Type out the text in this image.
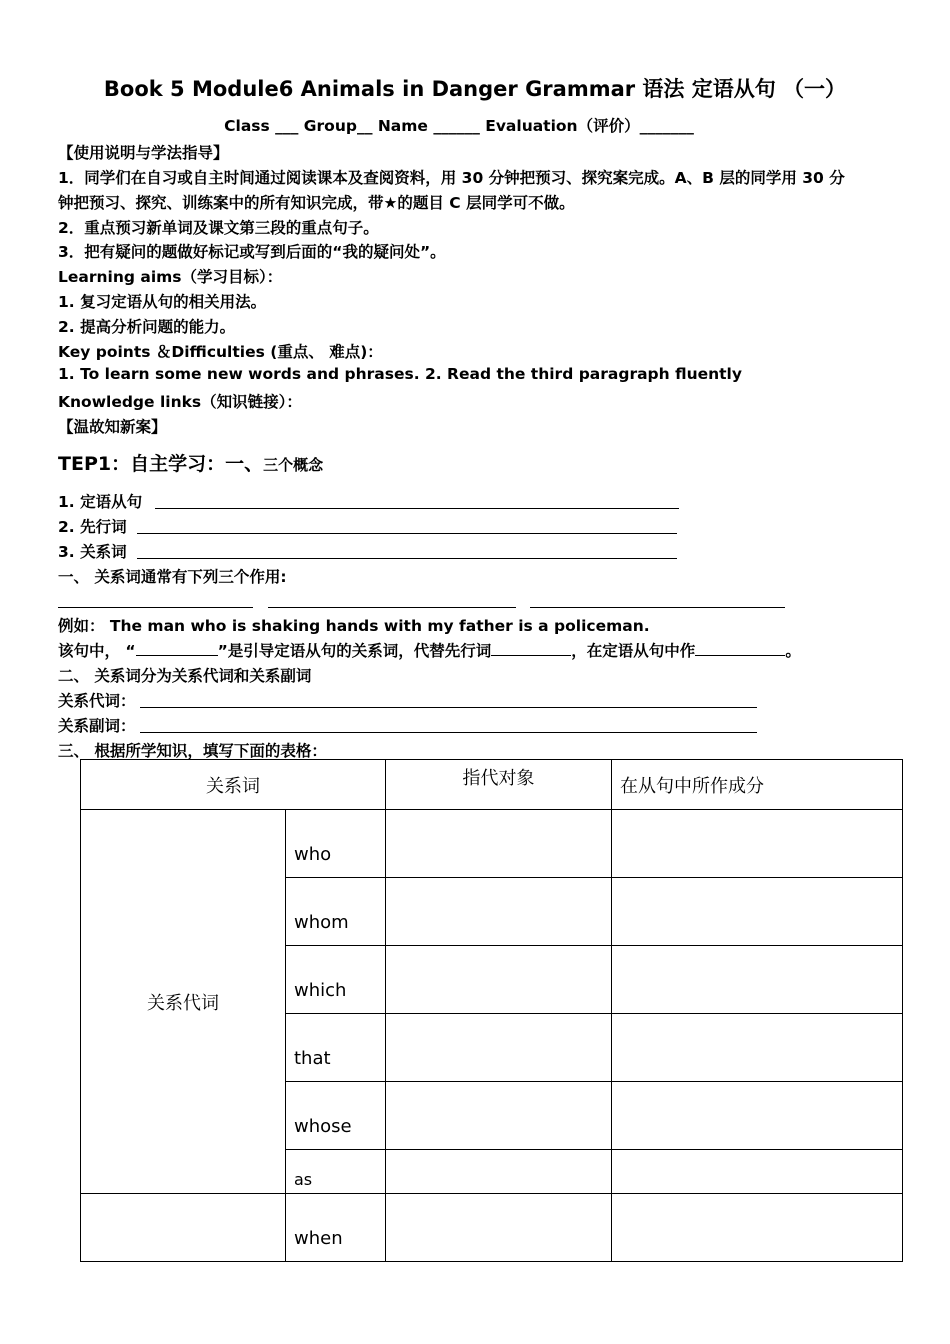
Book 5 Module6 Animals in Danger Grammar 语法 定语从句 （一）
Class ___ Group__ Name ______ Evaluation（评价）_______
【使用说明与学法指导】
1．同学们在自习或自主时间通过阅读课本及查阅资料，用 30 分钟把预习、探究案完成。A、B 层的同学用 30 分
钟把预习、探究、训练案中的所有知识完成，带★的题目 C 层同学可不做。
2．重点预习新单词及课文第三段的重点句子。
3．把有疑问的题做好标记或写到后面的“我的疑问处”。
Learning aims（学习目标）：
1. 复习定语从句的相关用法。
2. 提高分析问题的能力。
Key points ＆Difficulties (重点、 难点)：
1. To learn some new words and phrases. 2. Read the third paragraph fluently
Knowledge links（知识链接）：
【温故知新案】
TEP1：自主学习：一、三个概念
1. 定语从句
2. 先行词
3. 关系词
一、 关系词通常有下列三个作用:
例如： The man who is shaking hands with my father is a policeman.
该句中， “	”是引导定语从句的关系词，代替先行词	，在定语从句中作	。
二、 关系词分为关系代词和关系副词
关系代词：
关系副词：
三、 根据所学知识，填写下面的表格：
关系词		指代对象	在从句中所作成分
关系代词	who		
	whom		
	which		
	that		
	whose		
	as		
	when		
